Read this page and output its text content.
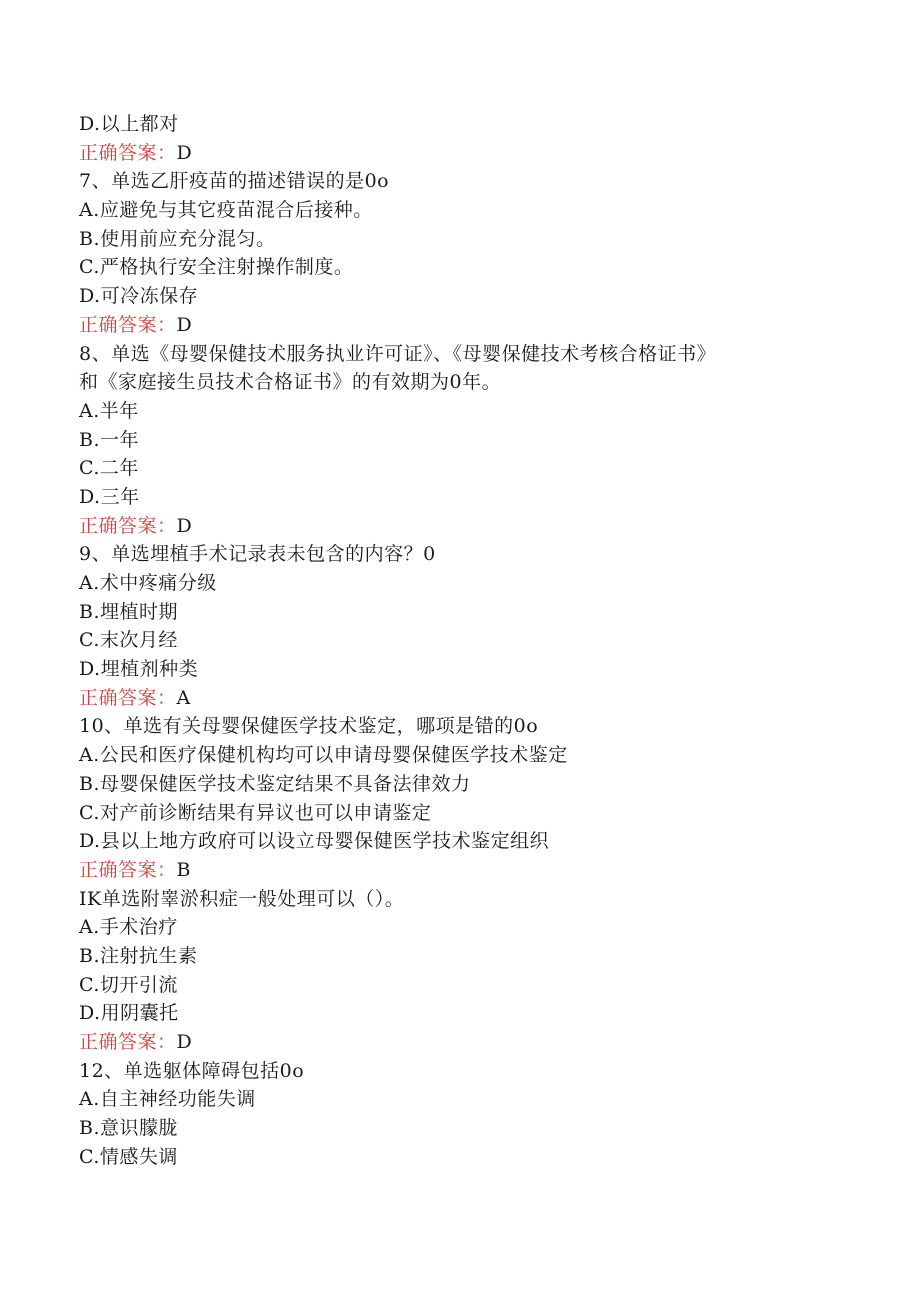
D.以上都对
正确答案：D
7、单选乙肝疫苗的描述错误的是0o
A.应避免与其它疫苗混合后接种。
B.使用前应充分混匀。
C.严格执行安全注射操作制度。
D.可冷冻保存
正确答案：D
8、单选《母婴保健技术服务执业许可证》、《母婴保健技术考核合格证书》
和《家庭接生员技术合格证书》的有效期为0年。
A.半年
B.一年
C.二年
D.三年
正确答案：D
9、单选埋植手术记录表未包含的内容？0
A.术中疼痛分级
B.埋植时期
C.末次月经
D.埋植剂种类
正确答案：A
10、单选有关母婴保健医学技术鉴定，哪项是错的0o
A.公民和医疗保健机构均可以申请母婴保健医学技术鉴定
B.母婴保健医学技术鉴定结果不具备法律效力
C.对产前诊断结果有异议也可以申请鉴定
D.县以上地方政府可以设立母婴保健医学技术鉴定组织
正确答案：B
IK单选附睾淤积症一般处理可以（）。
A.手术治疗
B.注射抗生素
C.切开引流
D.用阴囊托
正确答案：D
12、单选躯体障碍包括0o
A.自主神经功能失调
B.意识朦胧
C.情感失调
